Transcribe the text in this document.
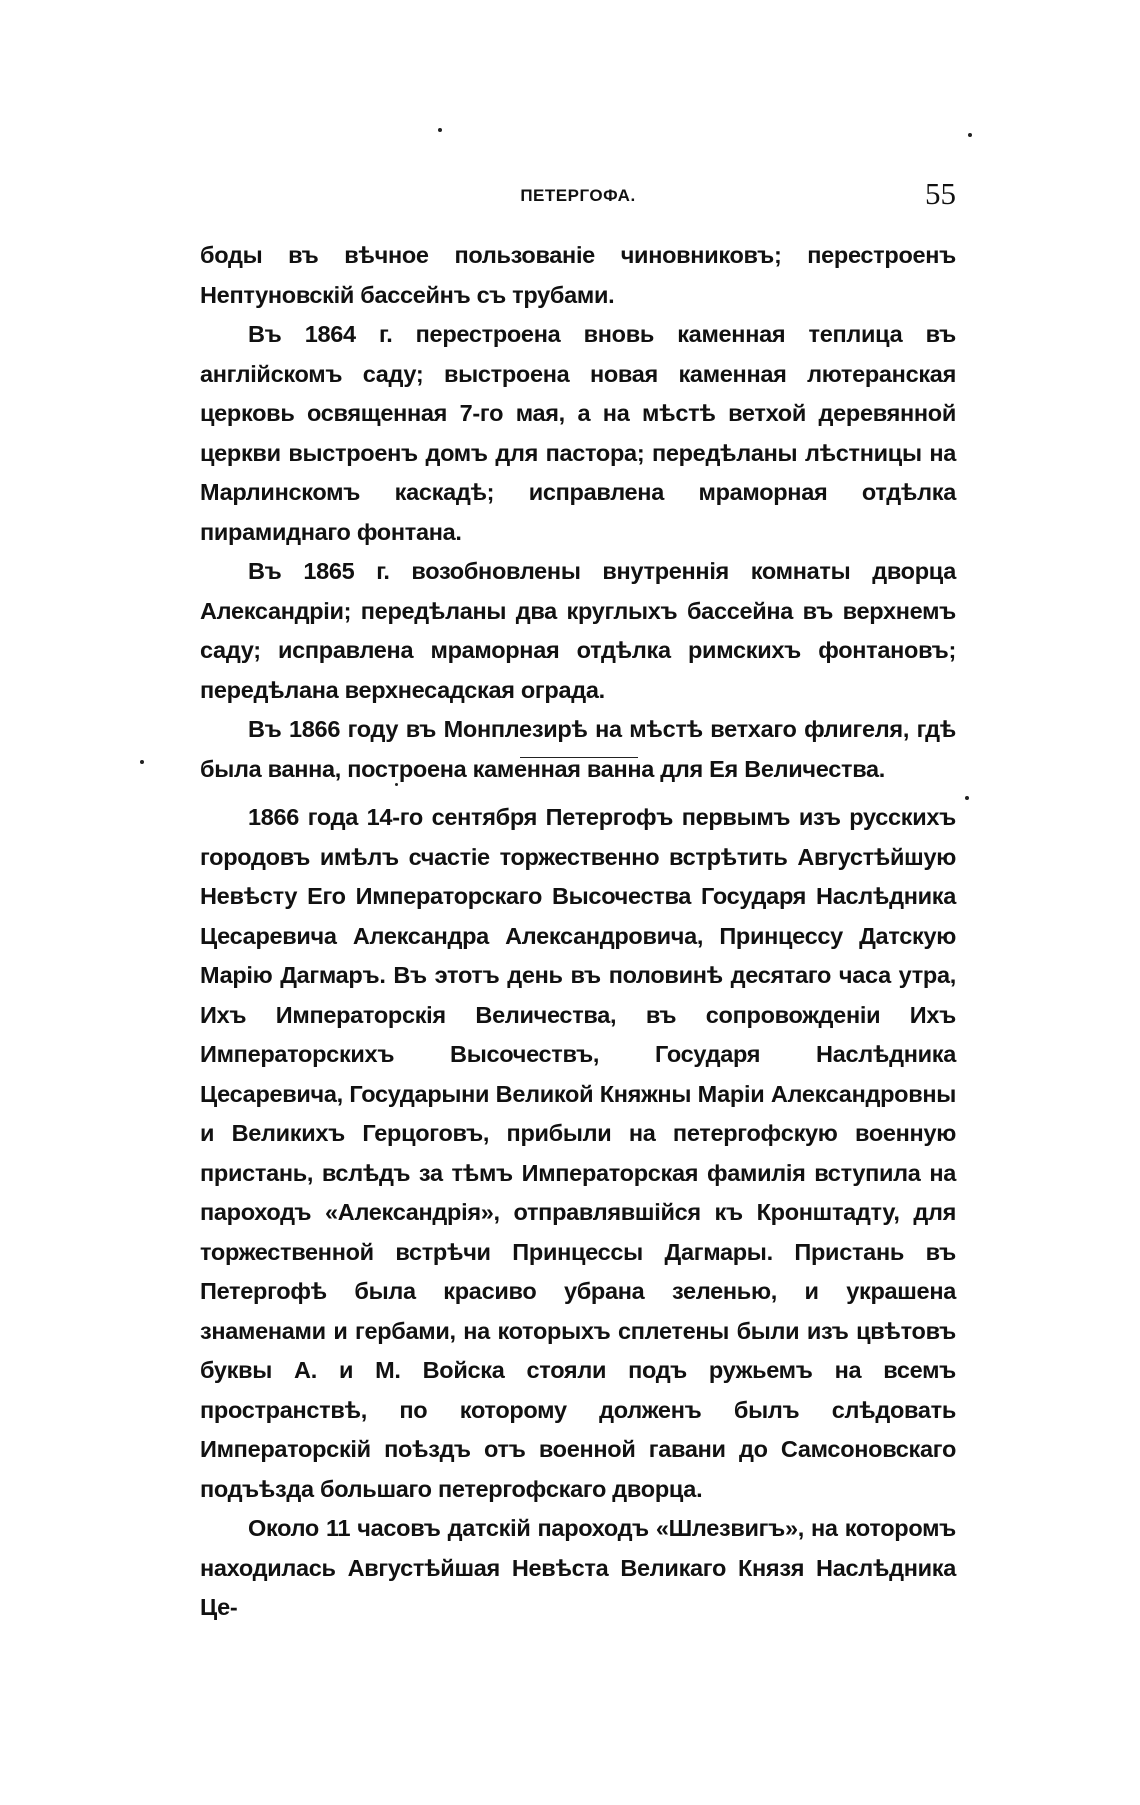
ПЕТЕРГОФА.	55

боды въ вѣчное пользованіе чиновниковъ; перестроенъ Нептуновскій бассейнъ съ трубами.

Въ 1864 г. перестроена вновь каменная теплица въ англійскомъ саду; выстроена новая каменная лютеранская церковь освященная 7-го мая, а на мѣстѣ ветхой деревянной церкви выстроенъ домъ для пастора; передѣланы лѣстницы на Марлинскомъ каскадѣ; исправлена мраморная отдѣлка пирамиднаго фонтана.

Въ 1865 г. возобновлены внутреннія комнаты дворца Александріи; передѣланы два круглыхъ бассейна въ верхнемъ саду; исправлена мраморная отдѣлка римскихъ фонтановъ; передѣлана верхнесадская ограда.

Въ 1866 году въ Монплезирѣ на мѣстѣ ветхаго флигеля, гдѣ была ванна, построена каменная ванна для Ея Величества.

1866 года 14-го сентября Петергофъ первымъ изъ русскихъ городовъ имѣлъ счастіе торжественно встрѣтить Августѣйшую Невѣсту Его Императорскаго Высочества Государя Наслѣдника Цесаревича Александра Александровича, Принцессу Датскую Марію Дагмаръ. Въ этотъ день въ половинѣ десятаго часа утра, Ихъ Императорскія Величества, въ сопровожденіи Ихъ Императорскихъ Высочествъ, Государя Наслѣдника Цесаревича, Государыни Великой Княжны Маріи Александровны и Великихъ Герцоговъ, прибыли на петергофскую военную пристань, вслѣдъ за тѣмъ Императорская фамилія вступила на пароходъ «Александрія», отправлявшійся къ Кронштадту, для торжественной встрѣчи Принцессы Дагмары. Пристань въ Петергофѣ была красиво убрана зеленью, и украшена знаменами и гербами, на которыхъ сплетены были изъ цвѣтовъ буквы А. и М. Войска стояли подъ ружьемъ на всемъ пространствѣ, по которому долженъ былъ слѣдовать Императорскій поѣздъ отъ военной гавани до Самсоновскаго подъѣзда большаго петергофскаго дворца.

Около 11 часовъ датскій пароходъ «Шлезвигъ», на которомъ находилась Августѣйшая Невѣста Великаго Князя Наслѣдника Це-
